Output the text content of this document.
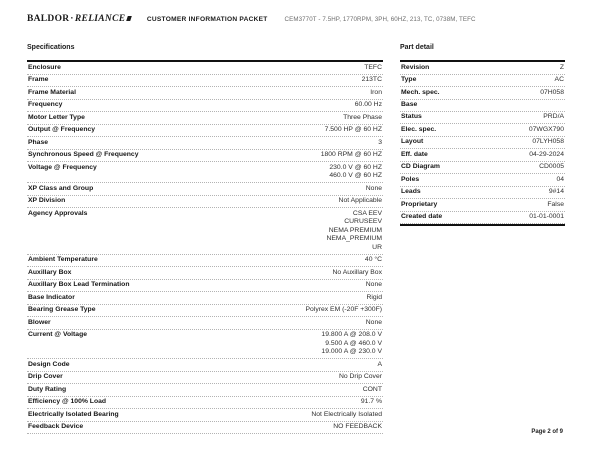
BALDOR · RELIANCE	CUSTOMER INFORMATION PACKET	CEM3770T - 7.5HP, 1770RPM, 3PH, 60HZ, 213, TC, 0738M, TEFC
Specifications
Enclosure	TEFC
Frame	213TC
Frame Material	Iron
Frequency	60.00 Hz
Motor Letter Type	Three Phase
Output @ Frequency	7.500 HP @ 60 HZ
Phase	3
Synchronous Speed @ Frequency	1800 RPM @ 60 HZ
Voltage @ Frequency	230.0 V @ 60 HZ
460.0 V @ 60 HZ
XP Class and Group	None
XP Division	Not Applicable
Agency Approvals	CSA EEV
CURUSEEV
NEMA PREMIUM
NEMA_PREMIUM
UR
Ambient Temperature	40 °C
Auxillary Box	No Auxillary Box
Auxillary Box Lead Termination	None
Base Indicator	Rigid
Bearing Grease Type	Polyrex EM (-20F +300F)
Blower	None
Current @ Voltage	19.800 A @ 208.0 V
9.500 A @ 460.0 V
19.000 A @ 230.0 V
Design Code	A
Drip Cover	No Drip Cover
Duty Rating	CONT
Efficiency @ 100% Load	91.7 %
Electrically Isolated Bearing	Not Electrically Isolated
Feedback Device	NO FEEDBACK
Part detail
Revision	Z
Type	AC
Mech. spec.	07H058
Base
Status	PRD/A
Elec. spec.	07WGX790
Layout	07LYH058
Eff. date	04-29-2024
CD Diagram	CD0005
Poles	04
Leads	9#14
Proprietary	False
Created date	01-01-0001
Page 2 of 9
